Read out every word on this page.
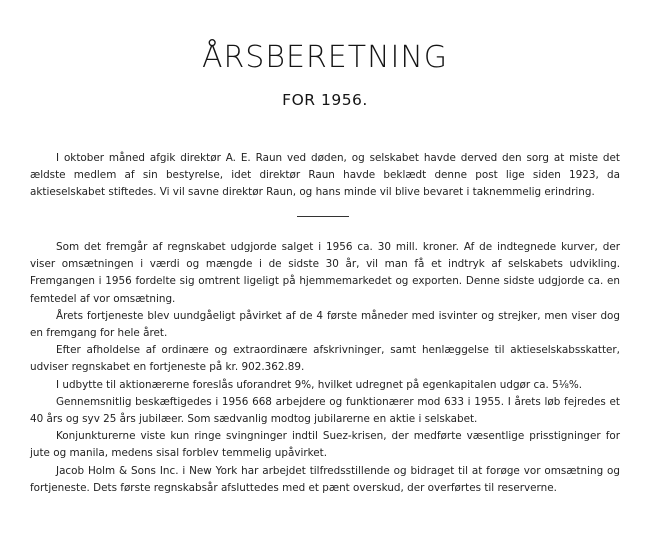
ÅRSBERETNING
FOR 1956.

I oktober måned afgik direktør A. E. Raun ved døden, og selskabet havde derved den sorg at miste det ældste medlem af sin bestyrelse, idet direktør Raun havde beklædt denne post lige siden 1923, da aktieselskabet stiftedes. Vi vil savne direktør Raun, og hans minde vil blive bevaret i taknemmelig erindring.

Som det fremgår af regnskabet udgjorde salget i 1956 ca. 30 mill. kroner. Af de indtegnede kurver, der viser omsætningen i værdi og mængde i de sidste 30 år, vil man få et indtryk af selskabets udvikling. Fremgangen i 1956 fordelte sig omtrent ligeligt på hjemmemarkedet og exporten. Denne sidste udgjorde ca. en femtedel af vor omsætning.

Årets fortjeneste blev uundgåeligt påvirket af de 4 første måneder med isvinter og strejker, men viser dog en fremgang for hele året.

Efter afholdelse af ordinære og extraordinære afskrivninger, samt henlæggelse til aktieselskabsskatter, udviser regnskabet en fortjeneste på kr. 902.362.89.

I udbytte til aktionærerne foreslås uforandret 9%, hvilket udregnet på egenkapitalen udgør ca. 5⅛%.

Gennemsnitlig beskæftigedes i 1956 668 arbejdere og funktionærer mod 633 i 1955. I årets løb fejredes et 40 års og syv 25 års jubilæer. Som sædvanlig modtog jubilarerne en aktie i selskabet.

Konjunkturerne viste kun ringe svingninger indtil Suez-krisen, der medførte væsentlige prisstigninger for jute og manila, medens sisal forblev temmelig upåvirket.

Jacob Holm & Sons Inc. i New York har arbejdet tilfredsstillende og bidraget til at forøge vor omsætning og fortjeneste. Dets første regnskabsår afsluttedes med et pænt overskud, der overførtes til reserverne.
